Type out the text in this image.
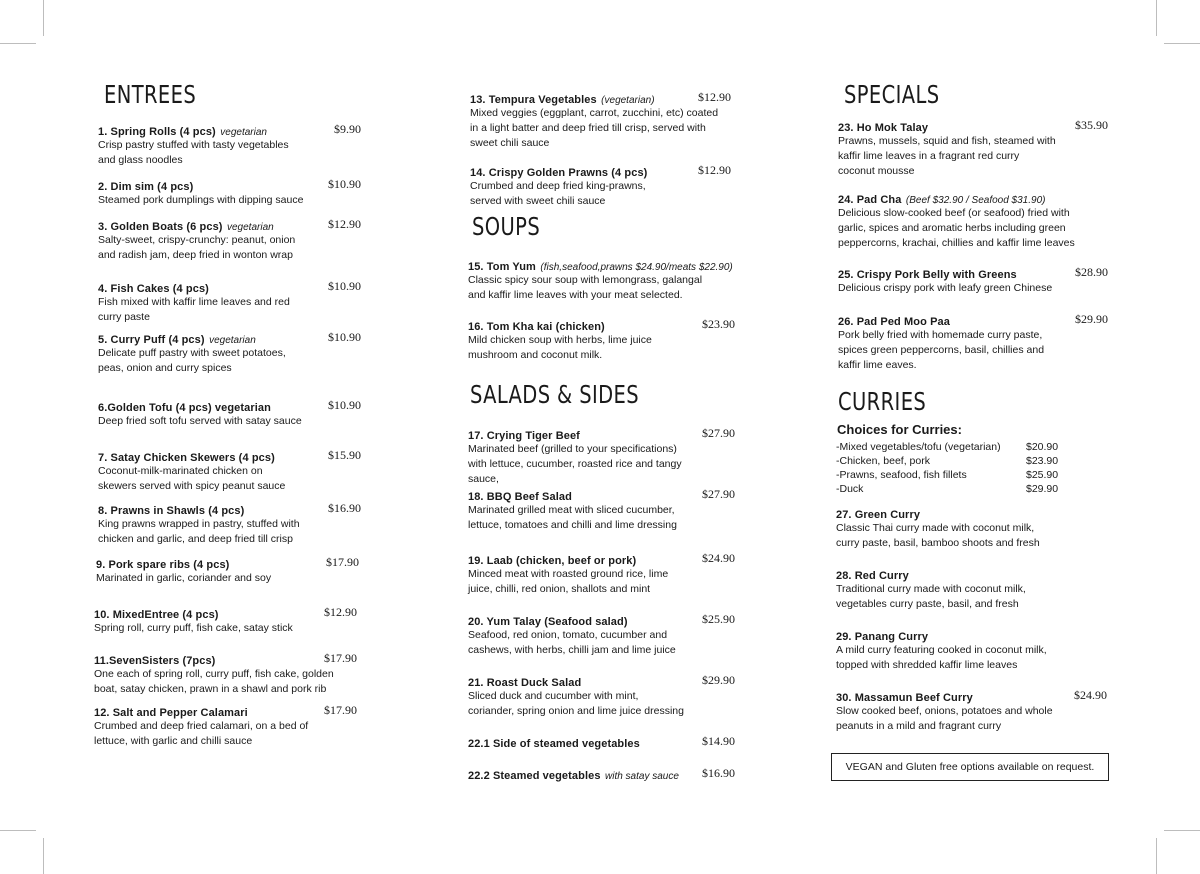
ENTREES
1. Spring Rolls (4 pcs) vegetarian	$9.90
Crisp pastry stuffed with tasty vegetables
and glass noodles
2. Dim sim (4 pcs)	$10.90
Steamed pork dumplings with dipping sauce
3. Golden Boats (6 pcs) vegetarian	$12.90
Salty-sweet, crispy-crunchy: peanut, onion
and radish jam, deep fried in wonton wrap
4. Fish Cakes (4 pcs)	$10.90
Fish mixed with kaffir lime leaves and red
curry paste
5. Curry Puff (4 pcs) vegetarian	$10.90
Delicate puff pastry with sweet potatoes,
peas, onion and curry spices
6.Golden Tofu (4 pcs) vegetarian	$10.90
Deep fried soft tofu served with satay sauce
7. Satay Chicken Skewers (4 pcs)	$15.90
Coconut-milk-marinated chicken on
skewers served with spicy peanut sauce
8. Prawns in Shawls (4 pcs)	$16.90
King prawns wrapped in pastry, stuffed with
chicken and garlic, and deep fried till crisp
9. Pork spare ribs (4 pcs)	$17.90
Marinated in garlic, coriander and soy
10. MixedEntree (4 pcs)	$12.90
Spring roll, curry puff, fish cake, satay stick
11.SevenSisters (7pcs)	$17.90
One each of spring roll, curry puff, fish cake, golden
boat, satay chicken, prawn in a shawl and pork rib
12. Salt and Pepper Calamari	$17.90
Crumbed and deep fried calamari, on a bed of
lettuce, with garlic and chilli sauce
13. Tempura Vegetables (vegetarian)	$12.90
Mixed veggies (eggplant, carrot, zucchini, etc) coated
in a light batter and deep fried till crisp, served with
sweet chili sauce
14. Crispy Golden Prawns (4 pcs)	$12.90
Crumbed and deep fried king-prawns,
served with sweet chili sauce
SOUPS
15. Tom Yum (fish,seafood,prawns $24.90/meats $22.90)
Classic spicy sour soup with lemongrass, galangal
and kaffir lime leaves with your meat selected.
16. Tom Kha kai (chicken)	$23.90
Mild chicken soup with herbs, lime juice
mushroom and coconut milk.
SALADS & SIDES
17. Crying Tiger Beef	$27.90
Marinated beef (grilled to your specifications)
with lettuce, cucumber, roasted rice and tangy
sauce,
18. BBQ Beef Salad	$27.90
Marinated grilled meat with sliced cucumber,
lettuce, tomatoes and chilli and lime dressing
19. Laab (chicken, beef or pork)	$24.90
Minced meat with roasted ground rice, lime
juice, chilli, red onion, shallots and mint
20. Yum Talay (Seafood salad)	$25.90
Seafood, red onion, tomato, cucumber and
cashews, with herbs, chilli jam and lime juice
21. Roast Duck Salad	$29.90
Sliced duck and cucumber with mint,
coriander, spring onion and lime juice dressing
22.1 Side of steamed vegetables	$14.90
22.2 Steamed vegetables with satay sauce $16.90
SPECIALS
23. Ho Mok Talay	$35.90
Prawns, mussels, squid and fish, steamed with
kaffir lime leaves in a fragrant red curry
coconut mousse
24. Pad Cha (Beef $32.90 / Seafood $31.90)
Delicious slow-cooked beef (or seafood) fried with
garlic, spices and aromatic herbs including green
peppercorns, krachai, chillies and kaffir lime leaves
25. Crispy Pork Belly with Greens	$28.90
Delicious crispy pork with leafy green Chinese
26. Pad Ped Moo Paa	$29.90
Pork belly fried with homemade curry paste,
spices green peppercorns, basil, chillies and
kaffir lime eaves.
CURRIES
Choices for Curries:
-Mixed vegetables/tofu (vegetarian) $20.90
-Chicken, beef, pork	$23.90
-Prawns, seafood, fish fillets	$25.90
-Duck	$29.90
27. Green Curry
Classic Thai curry made with coconut milk,
curry paste, basil, bamboo shoots and fresh
28. Red Curry
Traditional curry made with coconut milk,
vegetables curry paste, basil, and fresh
29. Panang Curry
A mild curry featuring cooked in coconut milk,
topped with shredded kaffir lime leaves
30. Massamun Beef Curry	$24.90
Slow cooked beef, onions, potatoes and whole
peanuts in a mild and fragrant curry
VEGAN and Gluten free options available on request.
